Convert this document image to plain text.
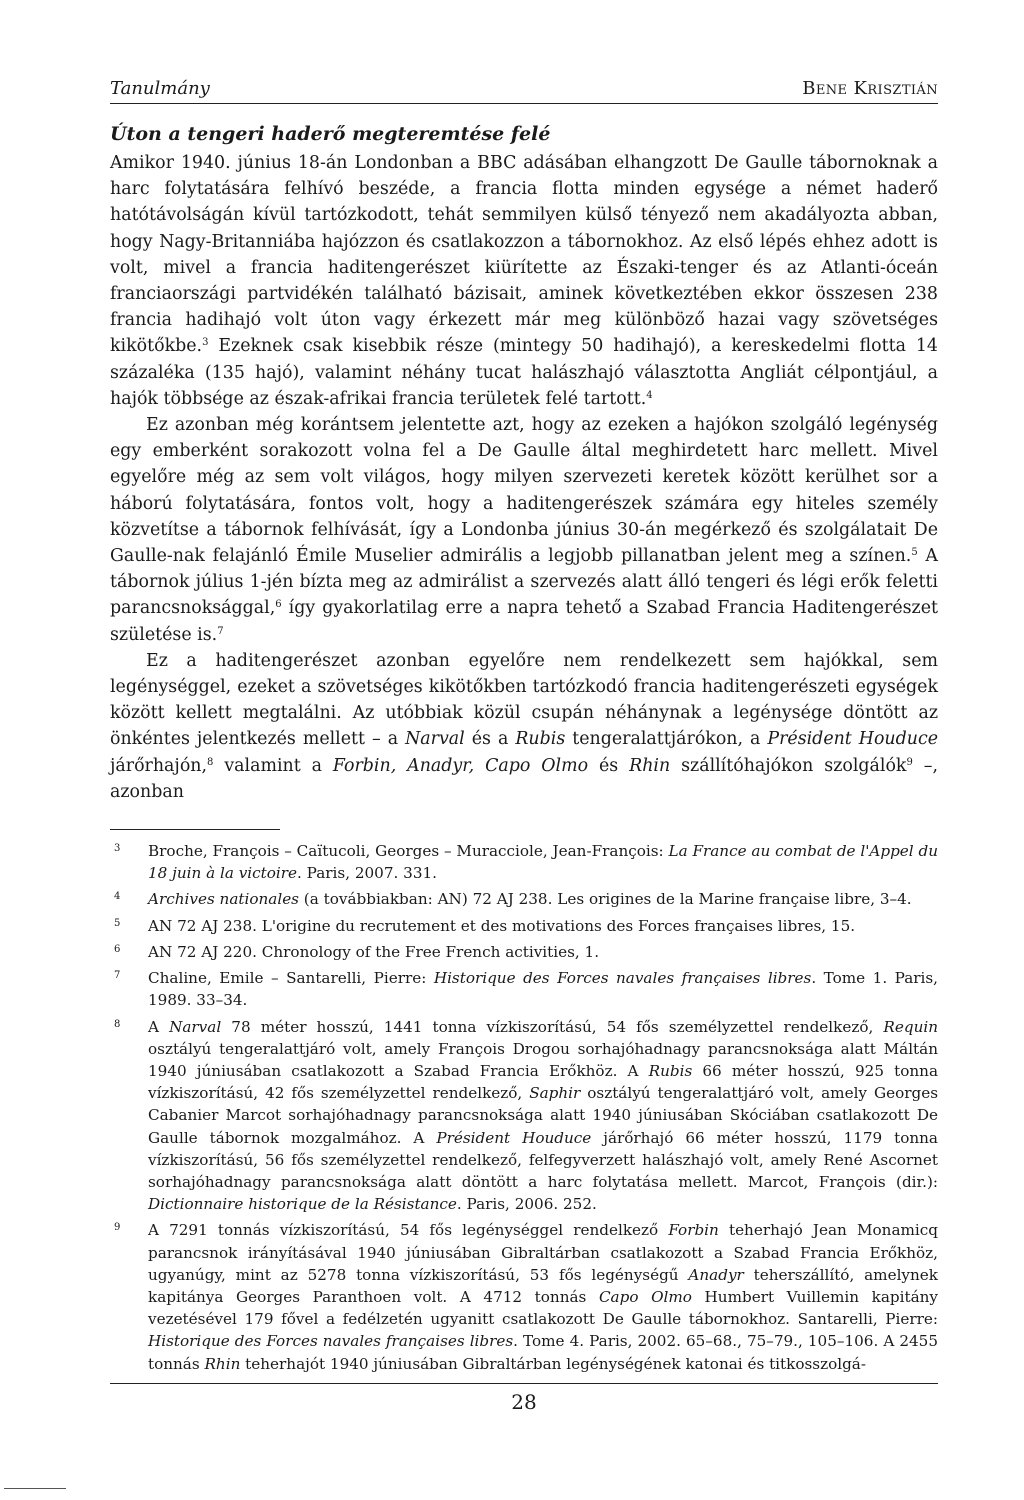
Tanulmány	Bene Krisztián
Úton a tengeri haderő megteremtése felé

Amikor 1940. június 18-án Londonban a BBC adásában elhangzott De Gaulle tábornoknak a harc folytatására felhívó beszéde, a francia flotta minden egysége a német haderő hatótávolságán kívül tartózkodott, tehát semmilyen külső tényező nem akadályozta abban, hogy Nagy-Britanniába hajózzon és csatlakozzon a tábornokhoz. Az első lépés ehhez adott is volt, mivel a francia haditengerészet kiürítette az Északi-tenger és az Atlanti-óceán franciaországi partvidékén található bázisait, aminek következtében ekkor összesen 238 francia hadihajó volt úton vagy érkezett már meg különböző hazai vagy szövetséges kikötőkbe.$^3$ Ezeknek csak kisebbik része (mintegy 50 hadihajó), a kereskedelmi flotta 14 százaléka (135 hajó), valamint néhány tucat halászhajó választotta Angliát célpontjául, a hajók többsége az észak-afrikai francia területek felé tartott.$^4$

Ez azonban még korántsem jelentette azt, hogy az ezeken a hajókon szolgáló legénység egy emberként sorakozott volna fel a De Gaulle által meghirdetett harc mellett. Mivel egyelőre még az sem volt világos, hogy milyen szervezeti keretek között kerülhet sor a háború folytatására, fontos volt, hogy a haditengerészek számára egy hiteles személy közvetítse a tábornok felhívását, így a Londonba június 30-án megérkező és szolgálatait De Gaulle-nak felajánló Émile Muselier admirális a legjobb pillanatban jelent meg a színen.$^5$ A tábornok július 1-jén bízta meg az admirálist a szervezés alatt álló tengeri és légi erők feletti parancsnoksággal,$^6$ így gyakorlatilag erre a napra tehető a Szabad Francia Haditengerészet születése is.$^7$

Ez a haditengerészet azonban egyelőre nem rendelkezett sem hajókkal, sem legénységgel, ezeket a szövetséges kikötőkben tartózkodó francia haditengerészeti egységek között kellett megtalálni. Az utóbbiak közül csupán néhánynak a legénysége döntött az önkéntes jelentkezés mellett – a Narval és a Rubis tengeralattjárókon, a Président Houduce járőrhajón,$^8$ valamint a Forbin, Anadyr, Capo Olmo és Rhin szállítóhajókon szolgálók$^9$ –, azonban

3	Broche, François – Caïtucoli, Georges – Muracciole, Jean-François: La France au combat de l'Appel du 18 juin à la victoire. Paris, 2007. 331.
4	Archives nationales (a továbbiakban: AN) 72 AJ 238. Les origines de la Marine française libre, 3–4.
5	AN 72 AJ 238. L'origine du recrutement et des motivations des Forces françaises libres, 15.
6	AN 72 AJ 220. Chronology of the Free French activities, 1.
7	Chaline, Emile – Santarelli, Pierre: Historique des Forces navales françaises libres. Tome 1. Paris, 1989. 33–34.
8	A Narval 78 méter hosszú, 1441 tonna vízkiszorítású, 54 fős személyzettel rendelkező, Requin osztályú tengeralattjáró volt, amely François Drogou sorhajóhadnagy parancsnoksága alatt Máltán 1940 júniusában csatlakozott a Szabad Francia Erőkhöz. A Rubis 66 méter hosszú, 925 tonna vízkiszorítású, 42 fős személyzettel rendelkező, Saphir osztályú tengeralattjáró volt, amely Georges Cabanier Marcot sorhajóhadnagy parancsnoksága alatt 1940 júniusában Skóciában csatlakozott De Gaulle tábornok mozgalmához. A Président Houduce járőrhajó 66 méter hosszú, 1179 tonna vízkiszorítású, 56 fős személyzettel rendelkező, felfegyverzett halászhajó volt, amely René Ascornet sorhajóhadnagy parancsnoksága alatt döntött a harc folytatása mellett. Marcot, François (dir.): Dictionnaire historique de la Résistance. Paris, 2006. 252.
9	A 7291 tonnás vízkiszorítású, 54 fős legénységgel rendelkező Forbin teherhajó Jean Monamicq parancsnok irányításával 1940 júniusában Gibraltárban csatlakozott a Szabad Francia Erőkhöz, ugyanúgy, mint az 5278 tonna vízkiszorítású, 53 fős legénységű Anadyr teherszállító, amelynek kapitánya Georges Paranthoen volt. A 4712 tonnás Capo Olmo Humbert Vuillemin kapitány vezetésével 179 fővel a fedélzetén ugyanitt csatlakozott De Gaulle tábornokhoz. Santarelli, Pierre: Historique des Forces navales françaises libres. Tome 4. Paris, 2002. 65–68., 75–79., 105–106. A 2455 tonnás Rhin teherhajót 1940 júniusában Gibraltárban legénységének katonai és titkosszolgá-
28
